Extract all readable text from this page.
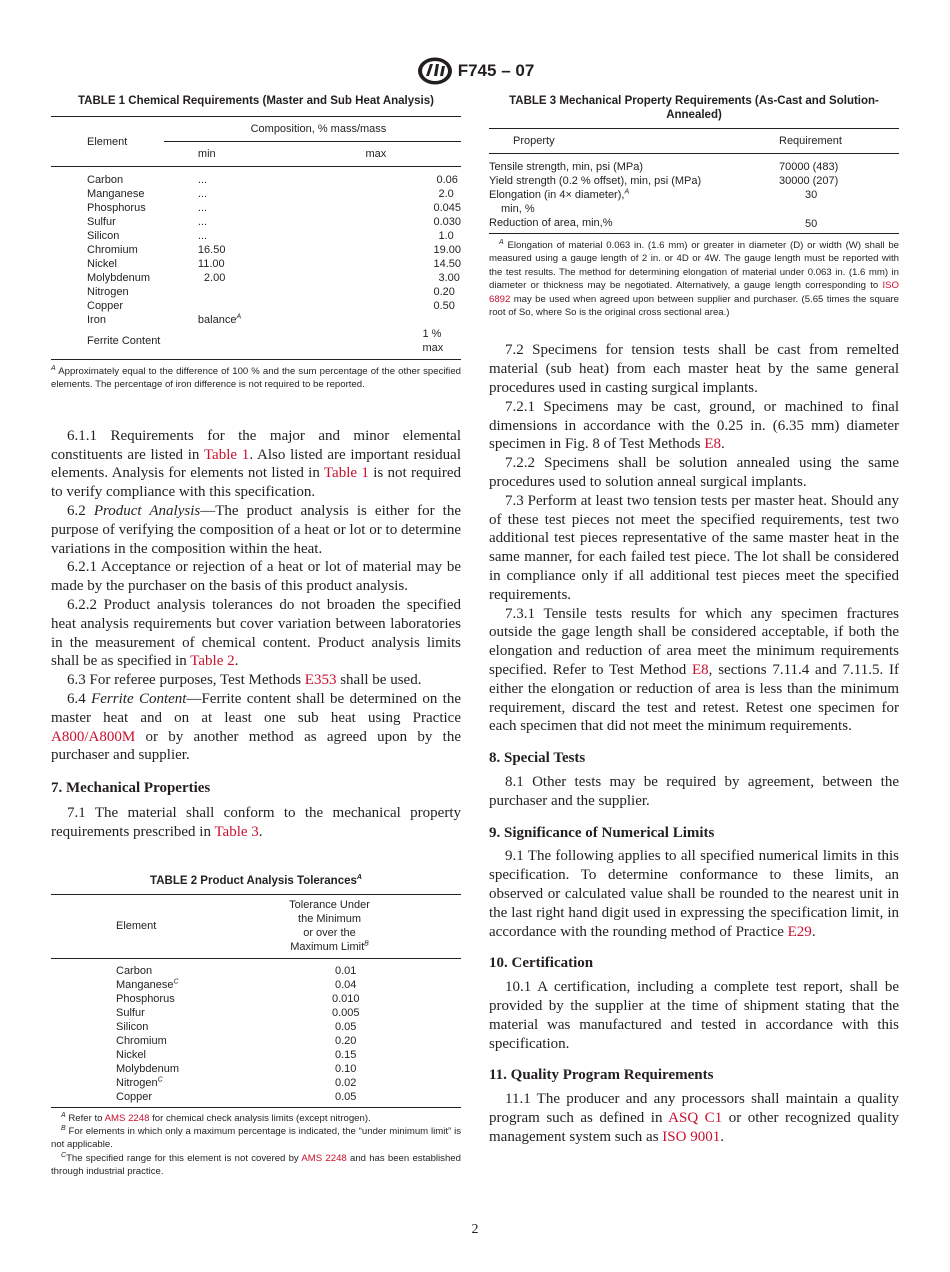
F745 – 07
TABLE 1 Chemical Requirements (Master and Sub Heat Analysis)
Element	Composition, % mass/mass	
	min	max

Carbon	...	0.06
Manganese	...	2.0
Phosphorus	...	0.045
Sulfur	...	0.030
Silicon	...	1.0
Chromium	16.50	19.00
Nickel	11.00	14.50
Molybdenum	2.00	3.00
Nitrogen		0.20
Copper		0.50
Iron	balance$^A$	
Ferrite Content		1 % max

$^A$ Approximately equal to the difference of 100 % and the sum percentage of the other specified elements. The percentage of iron difference is not required to be reported.

6.1.1 Requirements for the major and minor elemental constituents are listed in Table 1. Also listed are important residual elements. Analysis for elements not listed in Table 1 is not required to verify compliance with this specification.

6.2 Product Analysis—The product analysis is either for the purpose of verifying the composition of a heat or lot or to determine variations in the composition within the heat.

6.2.1 Acceptance or rejection of a heat or lot of material may be made by the purchaser on the basis of this product analysis.

6.2.2 Product analysis tolerances do not broaden the specified heat analysis requirements but cover variation between laboratories in the measurement of chemical content. Product analysis limits shall be as specified in Table 2.

6.3 For referee purposes, Test Methods E353 shall be used.

6.4 Ferrite Content—Ferrite content shall be determined on the master heat and on at least one sub heat using Practice A800/A800M or by another method as agreed upon by the purchaser and supplier.

7. Mechanical Properties

7.1 The material shall conform to the mechanical property requirements prescribed in Table 3.

TABLE 2 Product Analysis Tolerances$^A$
Element	Tolerance Under
the Minimum
or over the
Maximum Limit$^B$

Carbon	0.01
Manganese$^C$	0.04
Phosphorus	0.010
Sulfur	0.005
Silicon	0.05
Chromium	0.20
Nickel	0.15
Molybdenum	0.10
Nitrogen$^C$	0.02
Copper	0.05

$^A$ Refer to AMS 2248 for chemical check analysis limits (except nitrogen).
$^B$ For elements in which only a maximum percentage is indicated, the “under minimum limit” is not applicable.
$^C$The specified range for this element is not covered by AMS 2248 and has been established through industrial practice.
TABLE 3 Mechanical Property Requirements (As-Cast and Solution-Annealed)
Property	Requirement

Tensile strength, min, psi (MPa)	70000 (483)
Yield strength (0.2 % offset), min, psi (MPa)	30000 (207)
Elongation (in 4× diameter),$^A$	30
min, %	
Reduction of area, min,%	50

$^A$ Elongation of material 0.063 in. (1.6 mm) or greater in diameter (D) or width (W) shall be measured using a gauge length of 2 in. or 4D or 4W. The gauge length must be reported with the test results. The method for determining elongation of material under 0.063 in. (1.6 mm) in diameter or thickness may be negotiated. Alternatively, a gauge length corresponding to ISO 6892 may be used when agreed upon between supplier and purchaser. (5.65 times the square root of So, where So is the original cross sectional area.)

7.2 Specimens for tension tests shall be cast from remelted material (sub heat) from each master heat by the same general procedures used in casting surgical implants.

7.2.1 Specimens may be cast, ground, or machined to final dimensions in accordance with the 0.25 in. (6.35 mm) diameter specimen in Fig. 8 of Test Methods E8.

7.2.2 Specimens shall be solution annealed using the same procedures used to solution anneal surgical implants.

7.3 Perform at least two tension tests per master heat. Should any of these test pieces not meet the specified requirements, test two additional test pieces representative of the same master heat in the same manner, for each failed test piece. The lot shall be considered in compliance only if all additional test pieces meet the specified requirements.

7.3.1 Tensile tests results for which any specimen fractures outside the gage length shall be considered acceptable, if both the elongation and reduction of area meet the minimum requirements specified. Refer to Test Method E8, sections 7.11.4 and 7.11.5. If either the elongation or reduction of area is less than the minimum requirement, discard the test and retest. Retest one specimen for each specimen that did not meet the minimum requirements.

8. Special Tests

8.1 Other tests may be required by agreement, between the purchaser and the supplier.

9. Significance of Numerical Limits

9.1 The following applies to all specified numerical limits in this specification. To determine conformance to these limits, an observed or calculated value shall be rounded to the nearest unit in the last right hand digit used in expressing the specification limit, in accordance with the rounding method of Practice E29.

10. Certification

10.1 A certification, including a complete test report, shall be provided by the supplier at the time of shipment stating that the material was manufactured and tested in accordance with this specification.

11. Quality Program Requirements

11.1 The producer and any processors shall maintain a quality program such as defined in ASQ C1 or other recognized quality management system such as ISO 9001.

2
